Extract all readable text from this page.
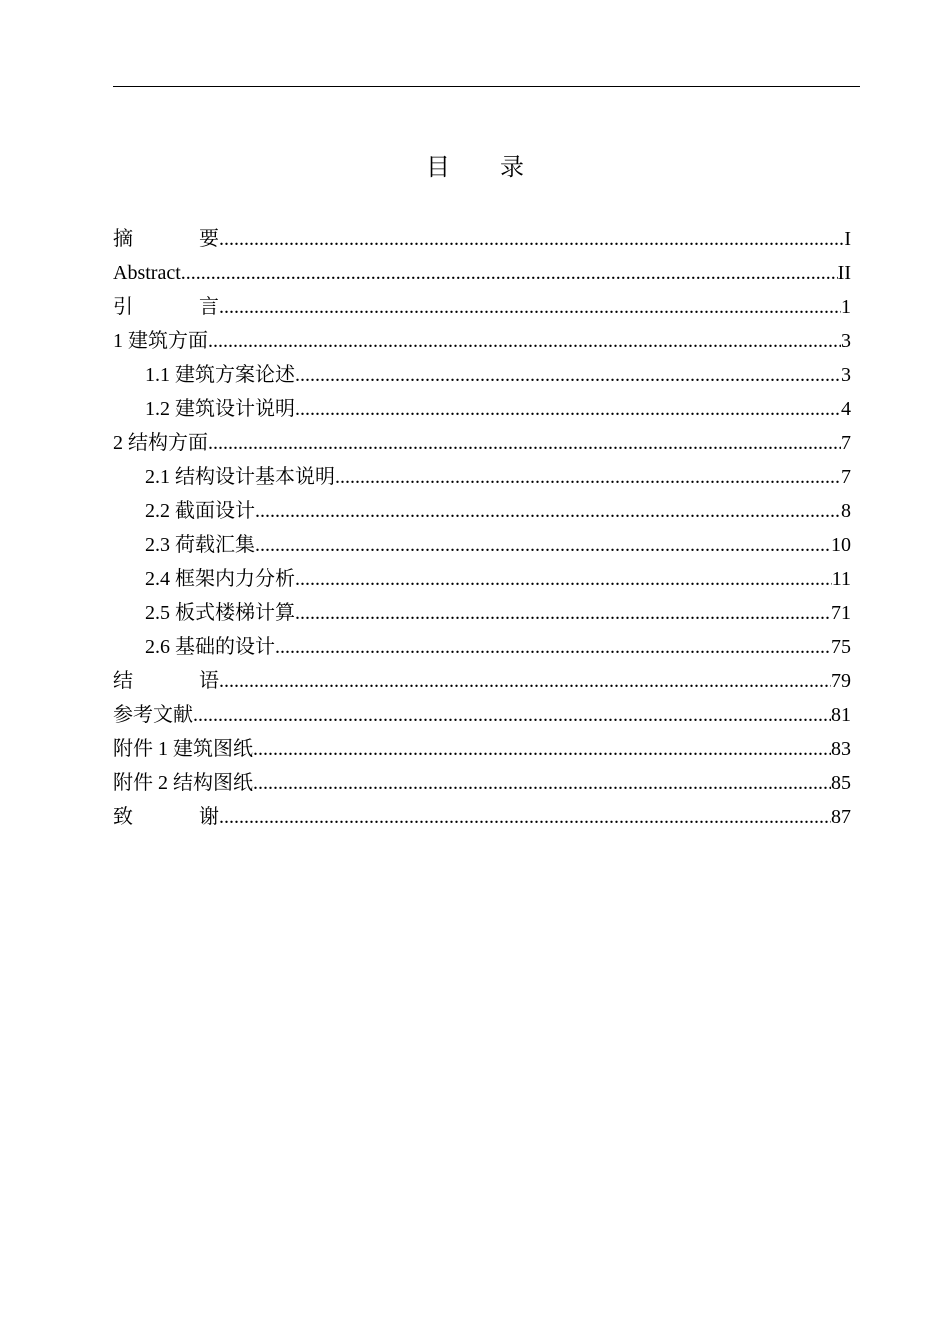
目 录
摘	要 .....	I
Abstract .....	II
引	言 .....	1
1 建筑方面 .....	3
1.1 建筑方案论述 .....	3
1.2 建筑设计说明 .....	4
2 结构方面 .....	7
2.1 结构设计基本说明 .....	7
2.2 截面设计 .....	8
2.3 荷载汇集 .....	10
2.4 框架内力分析 .....	11
2.5 板式楼梯计算 .....	71
2.6 基础的设计 .....	75
结	语 .....	79
参考文献 .....	81
附件 1 建筑图纸 .....	83
附件 2 结构图纸 .....	85
致	谢 .....	87
